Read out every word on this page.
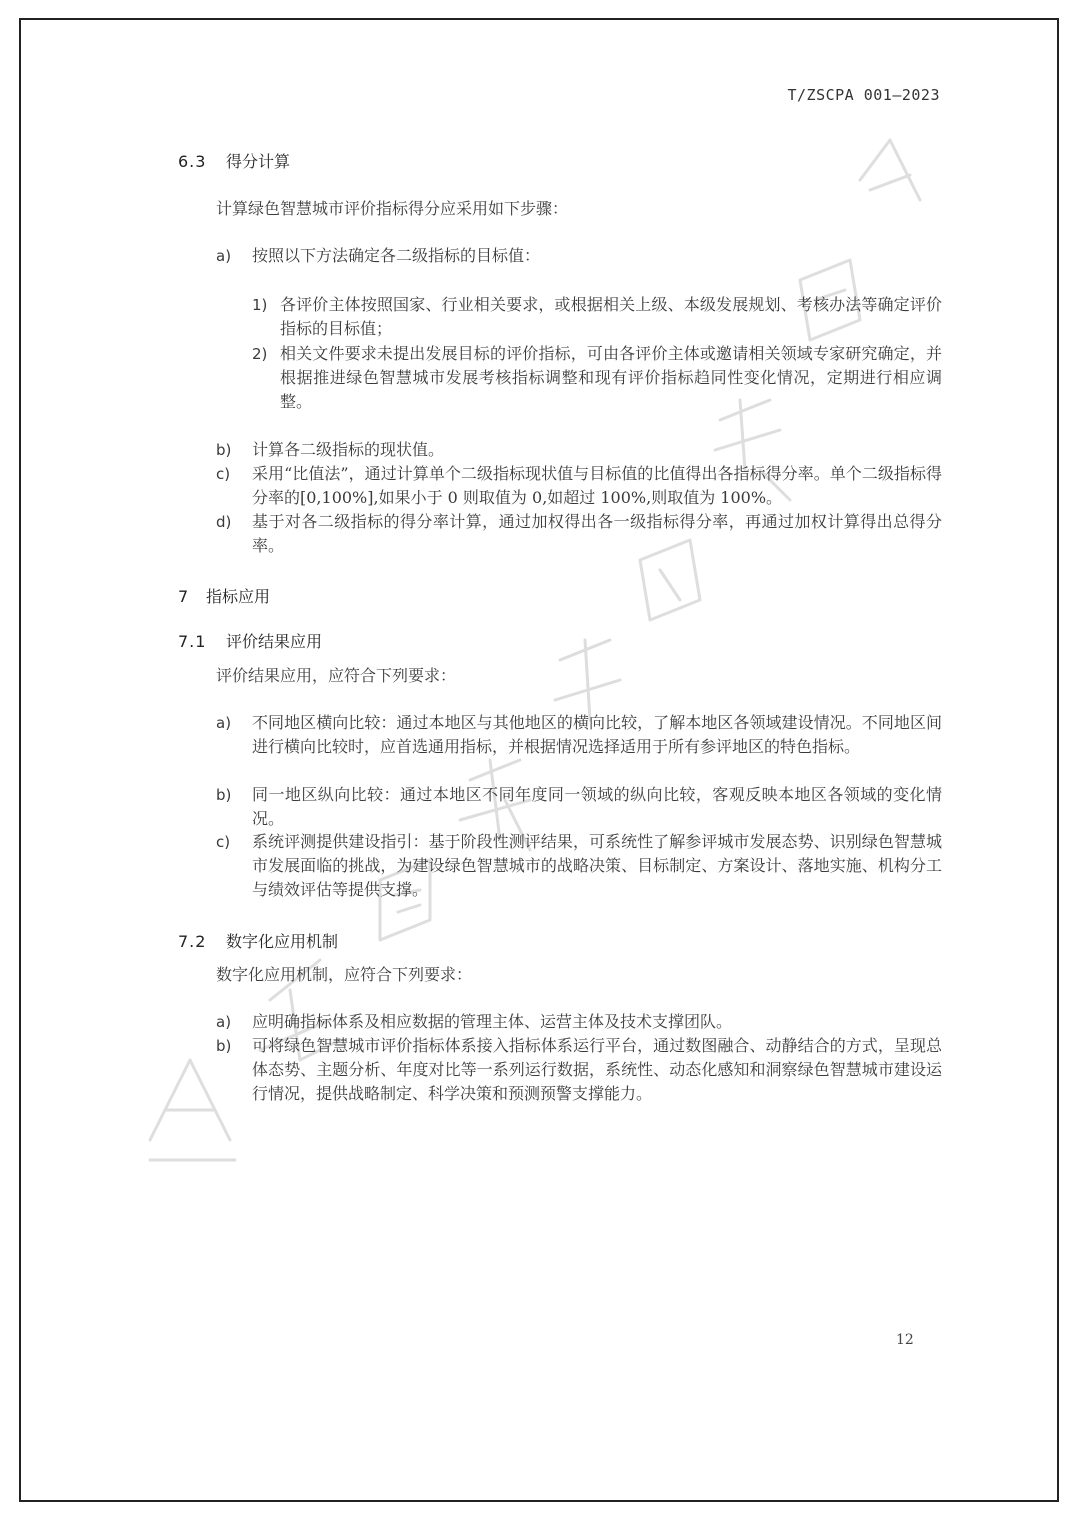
T/ZSCPA 001—2023
6.3 得分计算
计算绿色智慧城市评价指标得分应采用如下步骤：
a)	按照以下方法确定各二级指标的目标值：
1) 各评价主体按照国家、行业相关要求，或根据相关上级、本级发展规划、考核办法等确定评价指标的目标值；
2) 相关文件要求未提出发展目标的评价指标，可由各评价主体或邀请相关领域专家研究确定，并根据推进绿色智慧城市发展考核指标调整和现有评价指标趋同性变化情况，定期进行相应调整。
b)	计算各二级指标的现状值。
c)	采用“比值法”，通过计算单个二级指标现状值与目标值的比值得出各指标得分率。单个二级指标得分率的[0,100%],如果小于 0 则取值为 0,如超过 100%,则取值为 100%。
d)	基于对各二级指标的得分率计算，通过加权得出各一级指标得分率，再通过加权计算得出总得分率。
7 指标应用
7.1 评价结果应用
评价结果应用，应符合下列要求：
a)	不同地区横向比较：通过本地区与其他地区的横向比较，了解本地区各领域建设情况。不同地区间进行横向比较时，应首选通用指标，并根据情况选择适用于所有参评地区的特色指标。
b)	同一地区纵向比较：通过本地区不同年度同一领域的纵向比较，客观反映本地区各领域的变化情况。
c)	系统评测提供建设指引：基于阶段性测评结果，可系统性了解参评城市发展态势、识别绿色智慧城市发展面临的挑战，为建设绿色智慧城市的战略决策、目标制定、方案设计、落地实施、机构分工与绩效评估等提供支撑。
7.2 数字化应用机制
数字化应用机制，应符合下列要求：
a)	应明确指标体系及相应数据的管理主体、运营主体及技术支撑团队。
b)	可将绿色智慧城市评价指标体系接入指标体系运行平台，通过数图融合、动静结合的方式，呈现总体态势、主题分析、年度对比等一系列运行数据，系统性、动态化感知和洞察绿色智慧城市建设运行情况，提供战略制定、科学决策和预测预警支撑能力。
12
